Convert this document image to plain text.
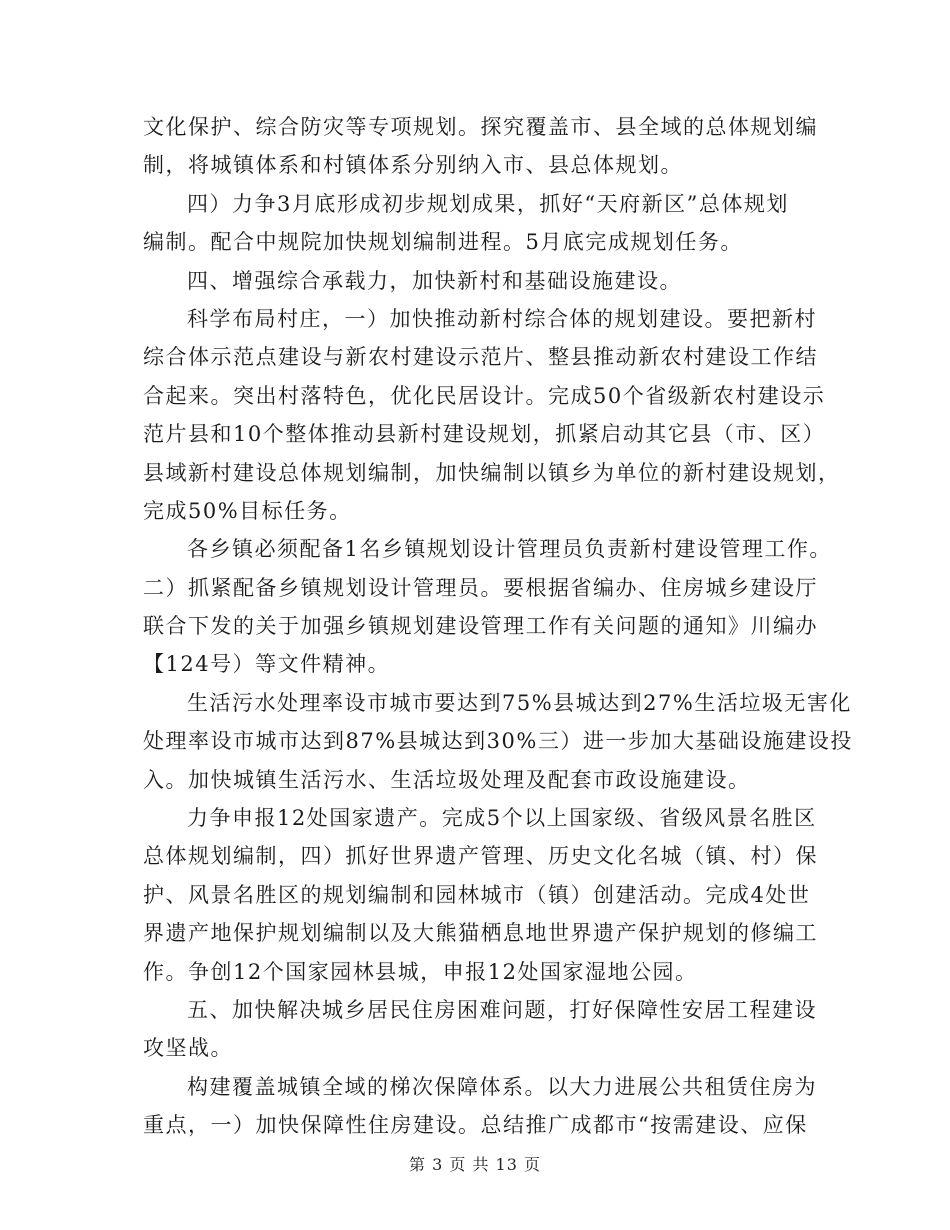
文化保护、综合防灾等专项规划。探究覆盖市、县全域的总体规划编
制，将城镇体系和村镇体系分别纳入市、县总体规划。
四）力争3月底形成初步规划成果，抓好“天府新区”总体规划
编制。配合中规院加快规划编制进程。5月底完成规划任务。
四、增强综合承载力，加快新村和基础设施建设。
科学布局村庄，一）加快推动新村综合体的规划建设。要把新村
综合体示范点建设与新农村建设示范片、整县推动新农村建设工作结
合起来。突出村落特色，优化民居设计。完成50个省级新农村建设示
范片县和10个整体推动县新村建设规划，抓紧启动其它县（市、区）
县域新村建设总体规划编制，加快编制以镇乡为单位的新村建设规划，
完成50%目标任务。
各乡镇必须配备1名乡镇规划设计管理员负责新村建设管理工作。
二）抓紧配备乡镇规划设计管理员。要根据省编办、住房城乡建设厅
联合下发的关于加强乡镇规划建设管理工作有关问题的通知》川编办
【124号）等文件精神。
生活污水处理率设市城市要达到75%县城达到27%生活垃圾无害化
处理率设市城市达到87%县城达到30%三）进一步加大基础设施建设投
入。加快城镇生活污水、生活垃圾处理及配套市政设施建设。
力争申报12处国家遗产。完成5个以上国家级、省级风景名胜区
总体规划编制，四）抓好世界遗产管理、历史文化名城（镇、村）保
护、风景名胜区的规划编制和园林城市（镇）创建活动。完成4处世
界遗产地保护规划编制以及大熊猫栖息地世界遗产保护规划的修编工
作。争创12个国家园林县城，申报12处国家湿地公园。
五、加快解决城乡居民住房困难问题，打好保障性安居工程建设
攻坚战。
构建覆盖城镇全域的梯次保障体系。以大力进展公共租赁住房为
重点，一）加快保障性住房建设。总结推广成都市“按需建设、应保
第 3 页 共 13 页
